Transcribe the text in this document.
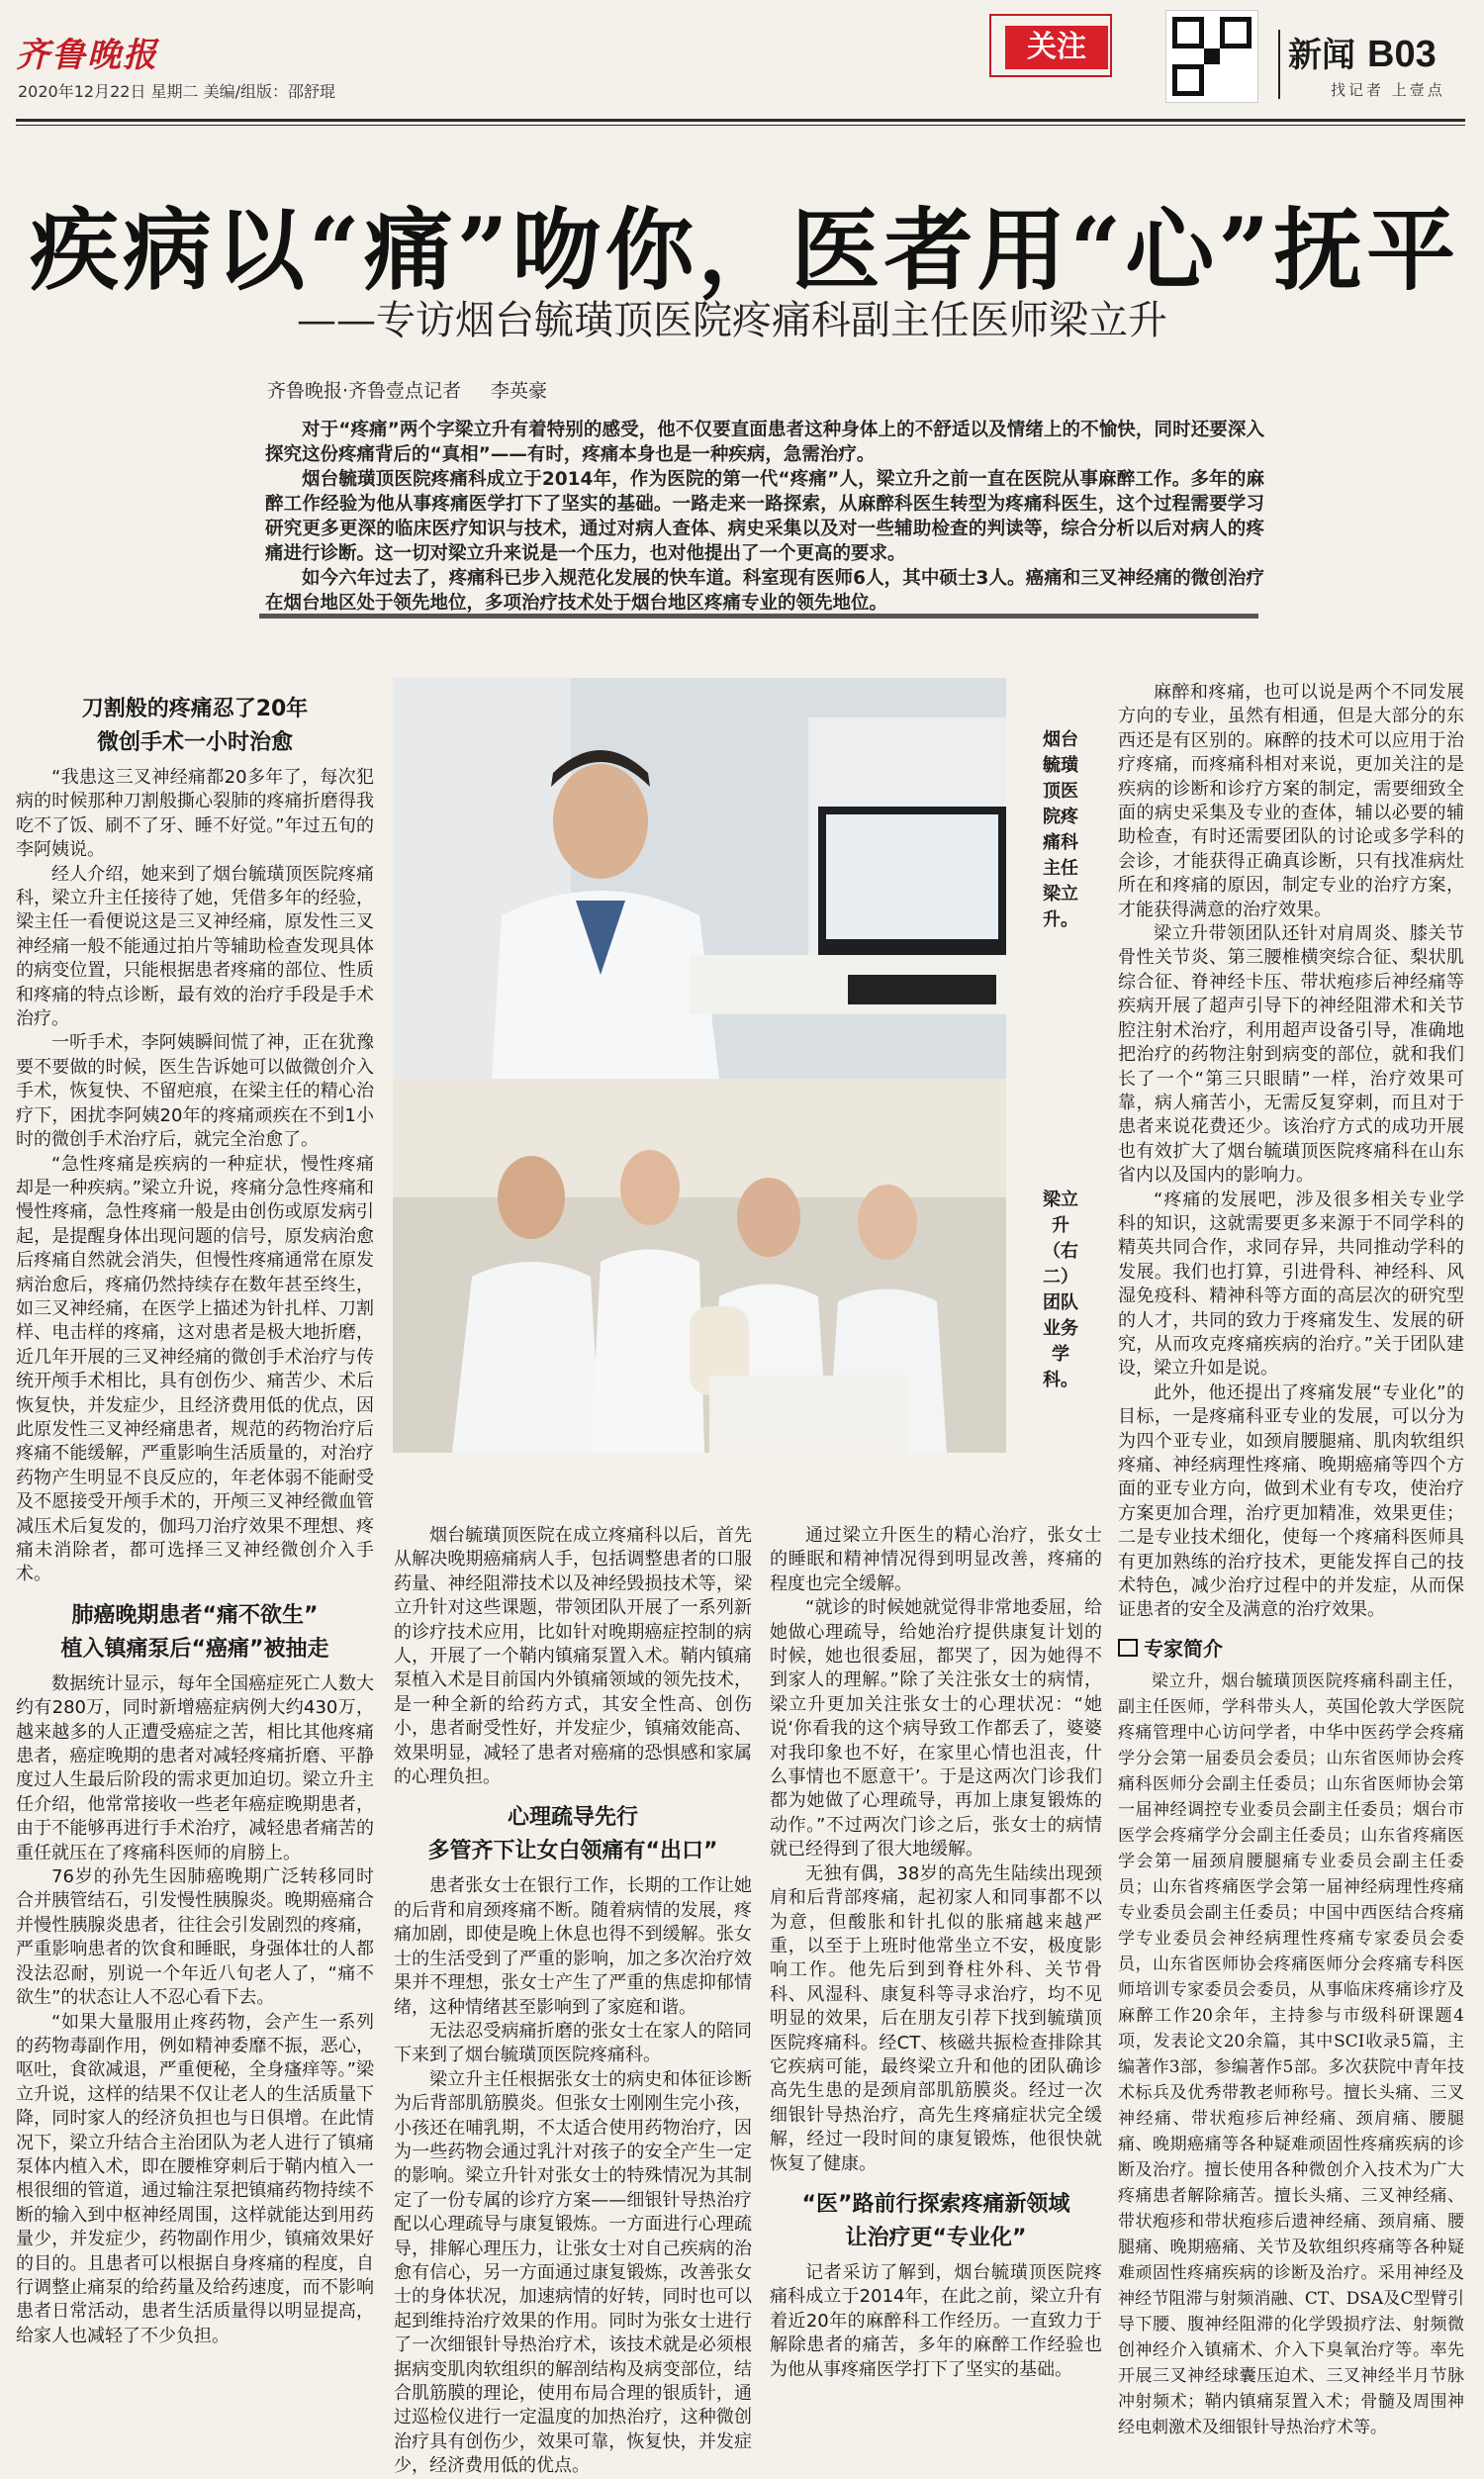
齐鲁晚报
2020年12月22日 星期二 美编/组版：邵舒琨
关注	新闻 B03
找记者 上壹点
疾病以“痛”吻你，医者用“心”抚平
——专访烟台毓璜顶医院疼痛科副主任医师梁立升
齐鲁晚报·齐鲁壹点记者 李英豪

对于“疼痛”两个字梁立升有着特别的感受，他不仅要直面患者这种身体上的不舒适以及情绪上的不愉快，同时还要深入探究这份疼痛背后的“真相”——有时，疼痛本身也是一种疾病，急需治疗。

烟台毓璜顶医院疼痛科成立于2014年，作为医院的第一代“疼痛”人，梁立升之前一直在医院从事麻醉工作。多年的麻醉工作经验为他从事疼痛医学打下了坚实的基础。一路走来一路探索，从麻醉科医生转型为疼痛科医生，这个过程需要学习研究更多更深的临床医疗知识与技术，通过对病人查体、病史采集以及对一些辅助检查的判读等，综合分析以后对病人的疼痛进行诊断。这一切对梁立升来说是一个压力，也对他提出了一个更高的要求。

如今六年过去了，疼痛科已步入规范化发展的快车道。科室现有医师6人，其中硕士3人。癌痛和三叉神经痛的微创治疗在烟台地区处于领先地位，多项治疗技术处于烟台地区疼痛专业的领先地位。

刀割般的疼痛忍了20年
微创手术一小时治愈

“我患这三叉神经痛都20多年了，每次犯病的时候那种刀割般撕心裂肺的疼痛折磨得我吃不了饭、刷不了牙、睡不好觉。”年过五旬的李阿姨说。

经人介绍，她来到了烟台毓璜顶医院疼痛科，梁立升主任接待了她，凭借多年的经验，梁主任一看便说这是三叉神经痛，原发性三叉神经痛一般不能通过拍片等辅助检查发现具体的病变位置，只能根据患者疼痛的部位、性质和疼痛的特点诊断，最有效的治疗手段是手术治疗。

一听手术，李阿姨瞬间慌了神，正在犹豫要不要做的时候，医生告诉她可以做微创介入手术，恢复快、不留疤痕，在梁主任的精心治疗下，困扰李阿姨20年的疼痛顽疾在不到1小时的微创手术治疗后，就完全治愈了。

“急性疼痛是疾病的一种症状，慢性疼痛却是一种疾病。”梁立升说，疼痛分急性疼痛和慢性疼痛，急性疼痛一般是由创伤或原发病引起，是提醒身体出现问题的信号，原发病治愈后疼痛自然就会消失，但慢性疼痛通常在原发病治愈后，疼痛仍然持续存在数年甚至终生，如三叉神经痛，在医学上描述为针扎样、刀割样、电击样的疼痛，这对患者是极大地折磨，近几年开展的三叉神经痛的微创手术治疗与传统开颅手术相比，具有创伤少、痛苦少、术后恢复快，并发症少，且经济费用低的优点，因此原发性三叉神经痛患者，规范的药物治疗后疼痛不能缓解，严重影响生活质量的，对治疗药物产生明显不良反应的，年老体弱不能耐受及不愿接受开颅手术的，开颅三叉神经微血管减压术后复发的，伽玛刀治疗效果不理想、疼痛未消除者，都可选择三叉神经微创介入手术。

肺癌晚期患者“痛不欲生”
植入镇痛泵后“癌痛”被抽走

数据统计显示，每年全国癌症死亡人数大约有280万，同时新增癌症病例大约430万，越来越多的人正遭受癌症之苦，相比其他疼痛患者，癌症晚期的患者对减轻疼痛折磨、平静度过人生最后阶段的需求更加迫切。梁立升主任介绍，他常常接收一些老年癌症晚期患者，由于不能够再进行手术治疗，减轻患者痛苦的重任就压在了疼痛科医师的肩膀上。

76岁的孙先生因肺癌晚期广泛转移同时合并胰管结石，引发慢性胰腺炎。晚期癌痛合并慢性胰腺炎患者，往往会引发剧烈的疼痛，严重影响患者的饮食和睡眠，身强体壮的人都没法忍耐，别说一个年近八旬老人了，“痛不欲生”的状态让人不忍心看下去。

“如果大量服用止疼药物，会产生一系列的药物毒副作用，例如精神委靡不振，恶心，呕吐，食欲减退，严重便秘，全身瘙痒等。”梁立升说，这样的结果不仅让老人的生活质量下降，同时家人的经济负担也与日俱增。在此情况下，梁立升结合主治团队为老人进行了镇痛泵体内植入术，即在腰椎穿刺后于鞘内植入一根很细的管道，通过输注泵把镇痛药物持续不断的输入到中枢神经周围，这样就能达到用药量少，并发症少，药物副作用少，镇痛效果好的目的。且患者可以根据自身疼痛的程度，自行调整止痛泵的给药量及给药速度，而不影响患者日常活动，患者生活质量得以明显提高，给家人也减轻了不少负担。

烟台毓璜顶医院疼痛科主任梁立升。
梁立升（右二）团队业务学科。

烟台毓璜顶医院在成立疼痛科以后，首先从解决晚期癌痛病人手，包括调整患者的口服药量、神经阻滞技术以及神经毁损技术等，梁立升针对这些课题，带领团队开展了一系列新的诊疗技术应用，比如针对晚期癌症控制的病人，开展了一个鞘内镇痛泵置入术。鞘内镇痛泵植入术是目前国内外镇痛领域的领先技术，是一种全新的给药方式，其安全性高、创伤小，患者耐受性好，并发症少，镇痛效能高、效果明显，减轻了患者对癌痛的恐惧感和家属的心理负担。

心理疏导先行
多管齐下让女白领痛有“出口”

患者张女士在银行工作，长期的工作让她的后背和肩颈疼痛不断。随着病情的发展，疼痛加剧，即使是晚上休息也得不到缓解。张女士的生活受到了严重的影响，加之多次治疗效果并不理想，张女士产生了严重的焦虑抑郁情绪，这种情绪甚至影响到了家庭和谐。

无法忍受病痛折磨的张女士在家人的陪同下来到了烟台毓璜顶医院疼痛科。

梁立升主任根据张女士的病史和体征诊断为后背部肌筋膜炎。但张女士刚刚生完小孩，小孩还在哺乳期，不太适合使用药物治疗，因为一些药物会通过乳汁对孩子的安全产生一定的影响。梁立升针对张女士的特殊情况为其制定了一份专属的诊疗方案——细银针导热治疗配以心理疏导与康复锻炼。一方面进行心理疏导，排解心理压力，让张女士对自己疾病的治愈有信心，另一方面通过康复锻炼，改善张女士的身体状况，加速病情的好转，同时也可以起到维持治疗效果的作用。同时为张女士进行了一次细银针导热治疗术，该技术就是必须根据病变肌肉软组织的解剖结构及病变部位，结合肌筋膜的理论，使用布局合理的银质针，通过巡检仪进行一定温度的加热治疗，这种微创治疗具有创伤少，效果可靠，恢复快，并发症少，经济费用低的优点。

通过梁立升医生的精心治疗，张女士的睡眠和精神情况得到明显改善，疼痛的程度也完全缓解。

“就诊的时候她就觉得非常地委屈，给她做心理疏导，给她治疗提供康复计划的时候，她也很委屈，都哭了，因为她得不到家人的理解。”除了关注张女士的病情，梁立升更加关注张女士的心理状况：“她说‘你看我的这个病导致工作都丢了，婆婆对我印象也不好，在家里心情也沮丧，什么事情也不愿意干’。于是这两次门诊我们都为她做了心理疏导，再加上康复锻炼的动作。”不过两次门诊之后，张女士的病情就已经得到了很大地缓解。

无独有偶，38岁的高先生陆续出现颈肩和后背部疼痛，起初家人和同事都不以为意，但酸胀和针扎似的胀痛越来越严重，以至于上班时他常坐立不安，极度影响工作。他先后到到脊柱外科、关节骨科、风湿科、康复科等寻求治疗，均不见明显的效果，后在朋友引荐下找到毓璜顶医院疼痛科。经CT、核磁共振检查排除其它疾病可能，最终梁立升和他的团队确诊高先生患的是颈肩部肌筋膜炎。经过一次细银针导热治疗，高先生疼痛症状完全缓解，经过一段时间的康复锻炼，他很快就恢复了健康。

“医”路前行探索疼痛新领域
让治疗更“专业化”

记者采访了解到，烟台毓璜顶医院疼痛科成立于2014年，在此之前，梁立升有着近20年的麻醉科工作经历。一直致力于解除患者的痛苦，多年的麻醉工作经验也为他从事疼痛医学打下了坚实的基础。

麻醉和疼痛，也可以说是两个不同发展方向的专业，虽然有相通，但是大部分的东西还是有区别的。麻醉的技术可以应用于治疗疼痛，而疼痛科相对来说，更加关注的是疾病的诊断和诊疗方案的制定，需要细致全面的病史采集及专业的查体，辅以必要的辅助检查，有时还需要团队的讨论或多学科的会诊，才能获得正确真诊断，只有找准病灶所在和疼痛的原因，制定专业的治疗方案，才能获得满意的治疗效果。

梁立升带领团队还针对肩周炎、膝关节骨性关节炎、第三腰椎横突综合征、梨状肌综合征、脊神经卡压、带状疱疹后神经痛等疾病开展了超声引导下的神经阻滞术和关节腔注射术治疗，利用超声设备引导，准确地把治疗的药物注射到病变的部位，就和我们长了一个“第三只眼睛”一样，治疗效果可靠，病人痛苦小，无需反复穿刺，而且对于患者来说花费还少。该治疗方式的成功开展也有效扩大了烟台毓璜顶医院疼痛科在山东省内以及国内的影响力。

“疼痛的发展吧，涉及很多相关专业学科的知识，这就需要更多来源于不同学科的精英共同合作，求同存异，共同推动学科的发展。我们也打算，引进骨科、神经科、风湿免疫科、精神科等方面的高层次的研究型的人才，共同的致力于疼痛发生、发展的研究，从而攻克疼痛疾病的治疗。”关于团队建设，梁立升如是说。

此外，他还提出了疼痛发展“专业化”的目标，一是疼痛科亚专业的发展，可以分为为四个亚专业，如颈肩腰腿痛、肌肉软组织疼痛、神经病理性疼痛、晚期癌痛等四个方面的亚专业方向，做到术业有专攻，使治疗方案更加合理，治疗更加精准，效果更佳；二是专业技术细化，使每一个疼痛科医师具有更加熟练的治疗技术，更能发挥自己的技术特色，减少治疗过程中的并发症，从而保证患者的安全及满意的治疗效果。

专家简介

梁立升，烟台毓璜顶医院疼痛科副主任，副主任医师，学科带头人，英国伦敦大学医院疼痛管理中心访问学者，中华中医药学会疼痛学分会第一届委员会委员；山东省医师协会疼痛科医师分会副主任委员；山东省医师协会第一届神经调控专业委员会副主任委员；烟台市医学会疼痛学分会副主任委员；山东省疼痛医学会第一届颈肩腰腿痛专业委员会副主任委员；山东省疼痛医学会第一届神经病理性疼痛专业委员会副主任委员；中国中西医结合疼痛学专业委员会神经病理性疼痛专家委员会委员，山东省医师协会疼痛医师分会疼痛专科医师培训专家委员会委员，从事临床疼痛诊疗及麻醉工作20余年，主持参与市级科研课题4项，发表论文20余篇，其中SCI收录5篇，主编著作3部，参编著作5部。多次获院中青年技术标兵及优秀带教老师称号。擅长头痛、三叉神经痛、带状疱疹后神经痛、颈肩痛、腰腿痛、晚期癌痛等各种疑难顽固性疼痛疾病的诊断及治疗。擅长使用各种微创介入技术为广大疼痛患者解除痛苦。擅长头痛、三叉神经痛、带状疱疹和带状疱疹后遗神经痛、颈肩痛、腰腿痛、晚期癌痛、关节及软组织疼痛等各种疑难顽固性疼痛疾病的诊断及治疗。采用神经及神经节阻滞与射频消融、CT、DSA及C型臂引导下腰、腹神经阻滞的化学毁损疗法、射频微创神经介入镇痛术、介入下臭氧治疗等。率先开展三叉神经球囊压迫术、三叉神经半月节脉冲射频术；鞘内镇痛泵置入术；骨髓及周围神经电刺激术及细银针导热治疗术等。
